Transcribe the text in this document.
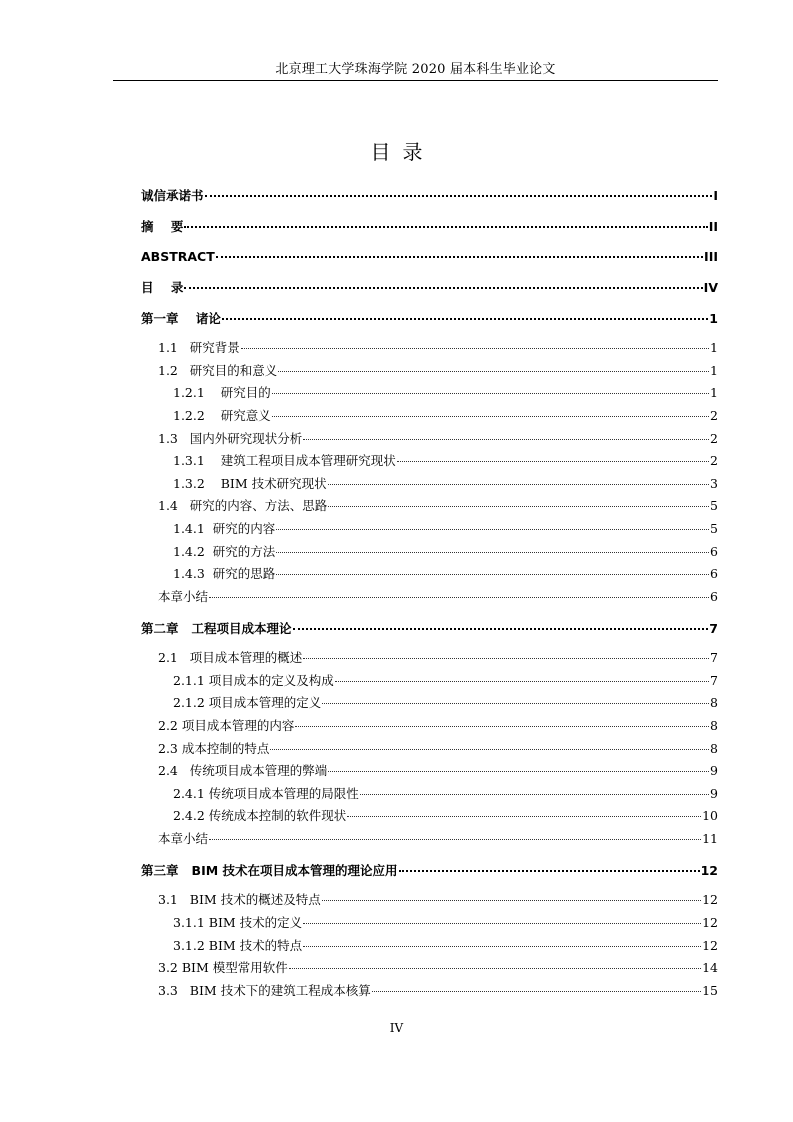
北京理工大学珠海学院 2020 届本科生毕业论文
目录
诚信承诺书	I
摘    要	II
ABSTRACT	III
目    录	IV
第一章    诸论	1
1.1   研究背景	1
1.2   研究目的和意义	1
1.2.1    研究目的	1
1.2.2    研究意义	2
1.3   国内外研究现状分析	2
1.3.1    建筑工程项目成本管理研究现状	2
1.3.2    BIM 技术研究现状	3
1.4   研究的内容、方法、思路	5
1.4.1  研究的内容	5
1.4.2  研究的方法	6
1.4.3  研究的思路	6
本章小结	6
第二章   工程项目成本理论	7
2.1   项目成本管理的概述	7
2.1.1 项目成本的定义及构成	7
2.1.2 项目成本管理的定义	8
2.2 项目成本管理的内容	8
2.3 成本控制的特点	8
2.4   传统项目成本管理的弊端	9
2.4.1 传统项目成本管理的局限性	9
2.4.2 传统成本控制的软件现状	10
本章小结	11
第三章   BIM 技术在项目成本管理的理论应用	12
3.1   BIM 技术的概述及特点	12
3.1.1 BIM 技术的定义	12
3.1.2 BIM 技术的特点	12
3.2 BIM 模型常用软件	14
3.3   BIM 技术下的建筑工程成本核算	15
IV
